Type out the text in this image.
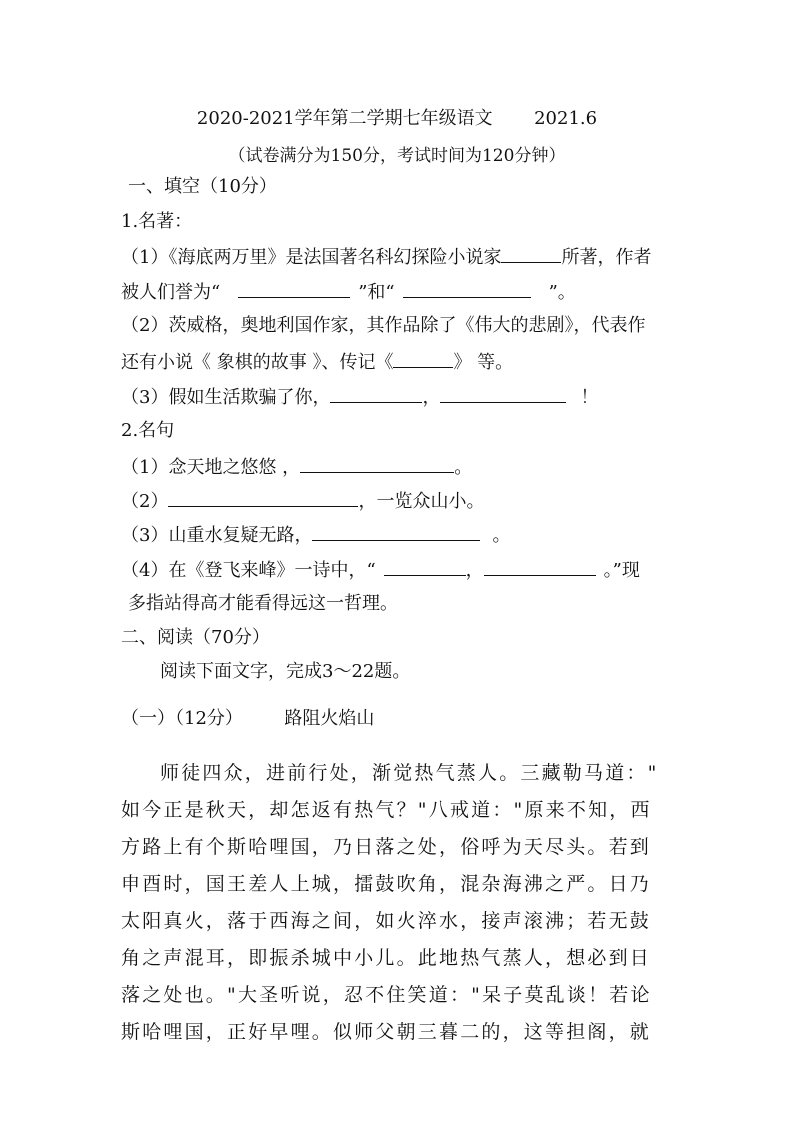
2020-2021学年第二学期七年级语文 2021.6
（试卷满分为150分，考试时间为120分钟）
一、填空（10分）
1.名著：
（1）《海底两万里》是法国著名科幻探险小说家	所著，作者
被人们誉为“	”和“	”。
（2）茨威格，奥地利国作家，其作品除了《伟大的悲剧》，代表作
还有小说《 象棋的故事 》、传记《	》 等。
（3）假如生活欺骗了你，	，	！
2.名句
（1）念天地之悠悠 ，	。
（2）	，一览众山小。
（3）山重水复疑无路，	。
（4）在《登飞来峰》一诗中，“	，	。”现
多指站得高才能看得远这一哲理。
二、阅读（70分）
阅读下面文字，完成3～22题。
（一）（12分） 路阻火焰山
师徒四众，进前行处，渐觉热气蒸人。三藏勒马道："
如今正是秋天，却怎返有热气？"八戒道："原来不知，西
方路上有个斯哈哩国，乃日落之处，俗呼为天尽头。若到
申酉时，国王差人上城，擂鼓吹角，混杂海沸之严。日乃
太阳真火，落于西海之间，如火淬水，接声滚沸；若无鼓
角之声混耳，即振杀城中小儿。此地热气蒸人，想必到日
落之处也。"大圣听说，忍不住笑道："呆子莫乱谈！若论
斯哈哩国，正好早哩。似师父朝三暮二的，这等担阁，就
